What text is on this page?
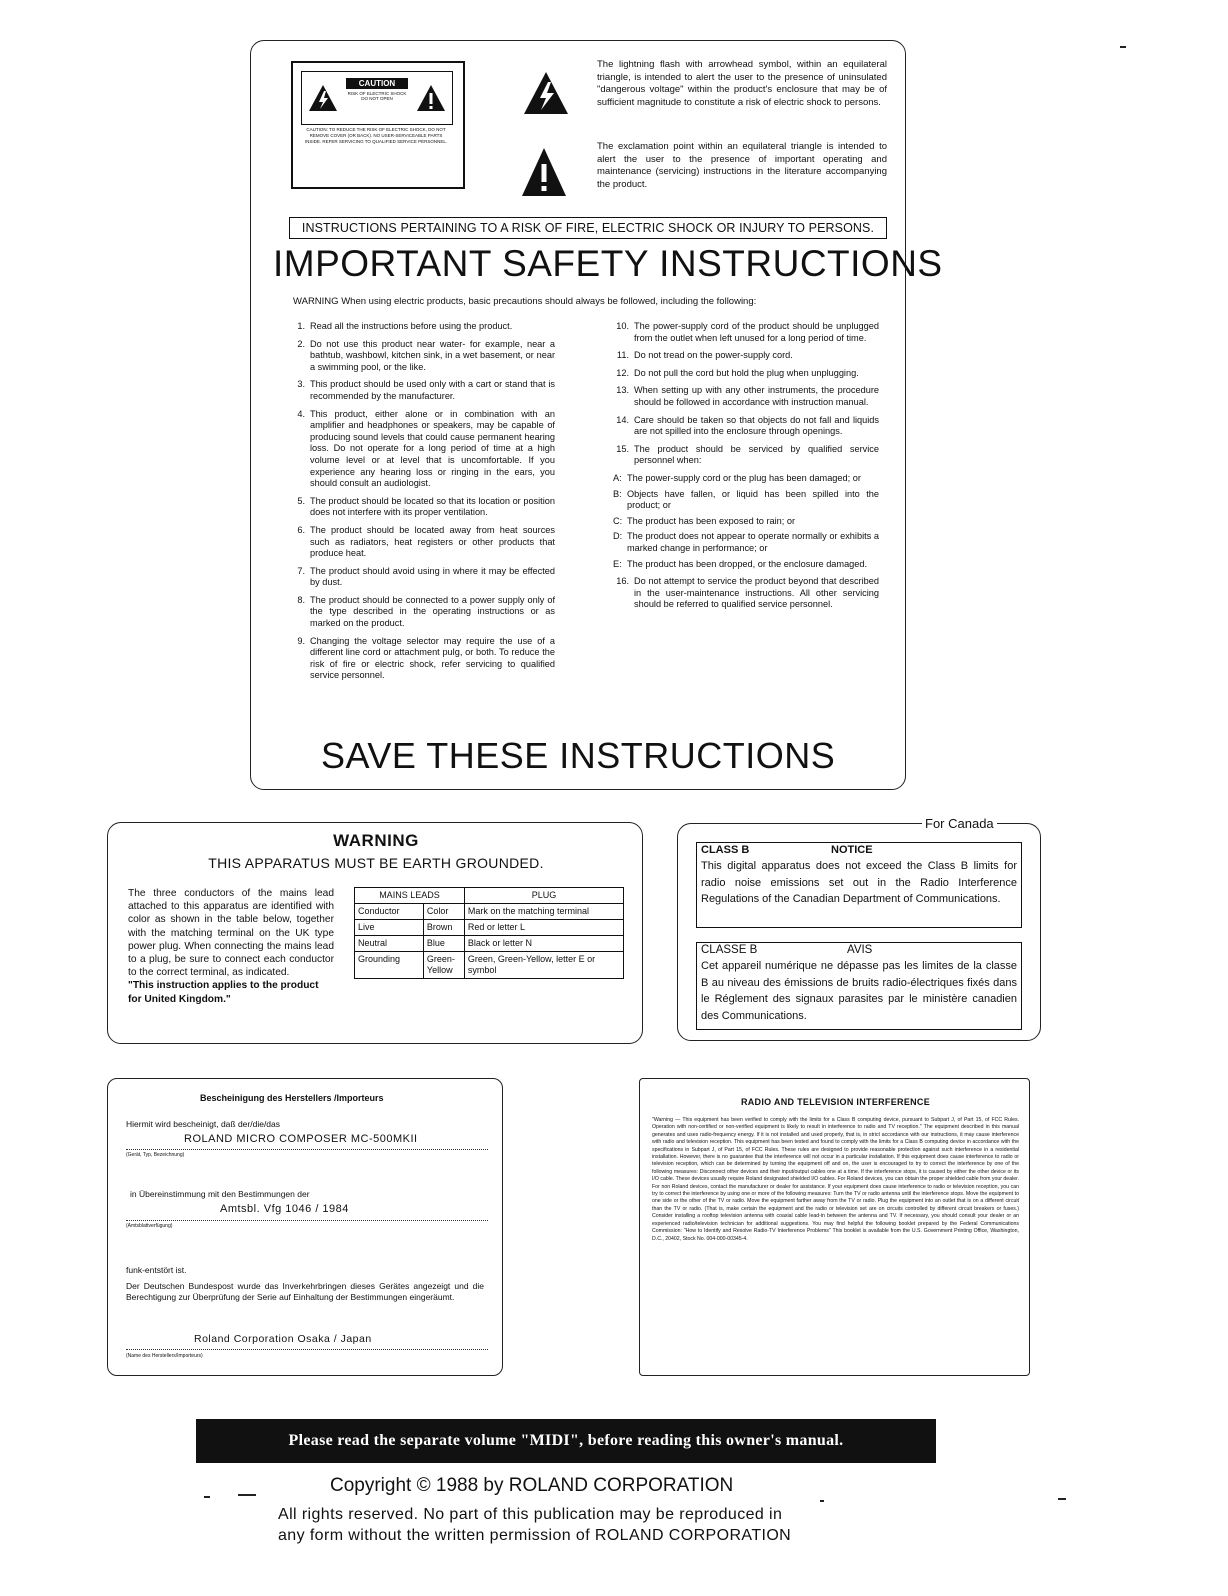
CAUTION
RISK OF ELECTRIC SHOCK DO NOT OPEN
CAUTION: TO REDUCE THE RISK OF ELECTRIC SHOCK, DO NOT REMOVE COVER (OR BACK). NO USER-SERVICEABLE PARTS INSIDE. REFER SERVICING TO QUALIFIED SERVICE PERSONNEL.
The lightning flash with arrowhead symbol, within an equilateral triangle, is intended to alert the user to the presence of uninsulated "dangerous voltage" within the product's enclosure that may be of sufficient magnitude to constitute a risk of electric shock to persons.
The exclamation point within an equilateral triangle is intended to alert the user to the presence of important operating and maintenance (servicing) instructions in the literature accompanying the product.
INSTRUCTIONS PERTAINING TO A RISK OF FIRE, ELECTRIC SHOCK OR INJURY TO PERSONS.
IMPORTANT SAFETY INSTRUCTIONS
WARNING When using electric products, basic precautions should always be followed, including the following:
1. Read all the instructions before using the product.
2. Do not use this product near water- for example, near a bathtub, washbowl, kitchen sink, in a wet basement, or near a swimming pool, or the like.
3. This product should be used only with a cart or stand that is recommended by the manufacturer.
4. This product, either alone or in combination with an amplifier and headphones or speakers, may be capable of producing sound levels that could cause permanent hearing loss. Do not operate for a long period of time at a high volume level or at level that is uncomfortable. If you experience any hearing loss or ringing in the ears, you should consult an audiologist.
5. The product should be located so that its location or position does not interfere with its proper ventilation.
6. The product should be located away from heat sources such as radiators, heat registers or other products that produce heat.
7. The product should avoid using in where it may be effected by dust.
8. The product should be connected to a power supply only of the type described in the operating instructions or as marked on the product.
9. Changing the voltage selector may require the use of a different line cord or attachment pulg, or both. To reduce the risk of fire or electric shock, refer servicing to qualified service personnel.
10. The power-supply cord of the product should be unplugged from the outlet when left unused for a long period of time.
11. Do not tread on the power-supply cord.
12. Do not pull the cord but hold the plug when unplugging.
13. When setting up with any other instruments, the procedure should be followed in accordance with instruction manual.
14. Care should be taken so that objects do not fall and liquids are not spilled into the enclosure through openings.
15. The product should be serviced by qualified service personnel when:
A: The power-supply cord or the plug has been damaged; or
B: Objects have fallen, or liquid has been spilled into the product; or
C: The product has been exposed to rain; or
D: The product does not appear to operate normally or exhibits a marked change in performance; or
E: The product has been dropped, or the enclosure damaged.
16. Do not attempt to service the product beyond that described in the user-maintenance instructions. All other servicing should be referred to qualified service personnel.
SAVE THESE INSTRUCTIONS
WARNING
THIS APPARATUS MUST BE EARTH GROUNDED.
The three conductors of the mains lead attached to this apparatus are identified with color as shown in the table below, together with the matching terminal on the UK type power plug. When connecting the mains lead to a plug, be sure to connect each conductor to the correct terminal, as indicated.
"This instruction applies to the product for United Kingdom."
MAINS LEADS		PLUG
Conductor	Color	Mark on the matching terminal
Live	Brown	Red or letter L
Neutral	Blue	Black or letter N
Grounding	Green-Yellow	Green, Green-Yellow, letter E or symbol
For Canada
CLASS B	NOTICE
This digital apparatus does not exceed the Class B limits for radio noise emissions set out in the Radio Interference Regulations of the Canadian Department of Communications.
CLASSE B	AVIS
Cet appareil numérique ne dépasse pas les limites de la classe B au niveau des émissions de bruits radio-électriques fixés dans le Réglement des signaux parasites par le ministère canadien des Communications.
Bescheinigung des Herstellers /Importeurs
Hiermit wird bescheinigt, daß der/die/das
ROLAND MICRO COMPOSER MC-500MKII
(Gerät, Typ, Bezeichnung)
in Übereinstimmung mit den Bestimmungen der
Amtsbl. Vfg 1046 / 1984
(Amtsblattverfügung)
funk-entstört ist.
Der Deutschen Bundespost wurde das Inverkehrbringen dieses Gerätes angezeigt und die Berechtigung zur Überprüfung der Serie auf Einhaltung der Bestimmungen eingeräumt.
Roland Corporation Osaka / Japan
(Name des Herstellers/Importeurs)
RADIO AND TELEVISION INTERFERENCE
"Warning — This equipment has been verified to comply with the limits for a Class B computing device, pursuant to Subpart J, of Part 15, of FCC Rules. Operation with non-certified or non-verified equipment is likely to result in interference to radio and TV reception." The equipment described in this manual generates and uses radio-frequency energy. If it is not installed and used properly, that is, in strict accordance with our instructions, it may cause interference with radio and television reception. This equipment has been tested and found to comply with the limits for a Class B computing device in accordance with the specifications in Subpart J, of Part 15, of FCC Rules. These rules are designed to provide reasonable protection against such interference in a residential installation. However, there is no guarantee that the interference will not occur in a particular installation. If this equipment does cause interference to radio or television reception, which can be determined by turning the equipment off and on, the user is encouraged to try to correct the interference by one of the following measures: Disconnect other devices and their input/output cables one at a time. If the interference stops, it is caused by either the other device or its I/O cable. These devices usually require Roland designated shielded I/O cables. For Roland devices, you can obtain the proper shielded cable from your dealer. For non Roland devices, contact the manufacturer or dealer for assistance. If your equipment does cause interference to radio or television reception, you can try to correct the interference by using one or more of the following measures: Turn the TV or radio antenna until the interference stops. Move the equipment to one side or the other of the TV or radio. Move the equipment farther away from the TV or radio. Plug the equipment into an outlet that is on a different circuit than the TV or radio. (That is, make certain the equipment and the radio or television set are on circuits controlled by different circuit breakers or fuses.) Consider installing a rooftop television antenna with coaxial cable lead-in between the antenna and TV. If necessary, you should consult your dealer or an experienced radio/television technician for additional suggestions. You may find helpful the following booklet prepared by the Federal Communications Commission: "How to Identify and Resolve Radio-TV Interference Problems" This booklet is available from the U.S. Government Printing Office, Washington, D.C., 20402, Stock No. 004-000-00345-4.
Please read the separate volume "MIDI", before reading this owner's manual.
Copyright © 1988 by ROLAND CORPORATION
All rights reserved. No part of this publication may be reproduced in
any form without the written permission of ROLAND CORPORATION
